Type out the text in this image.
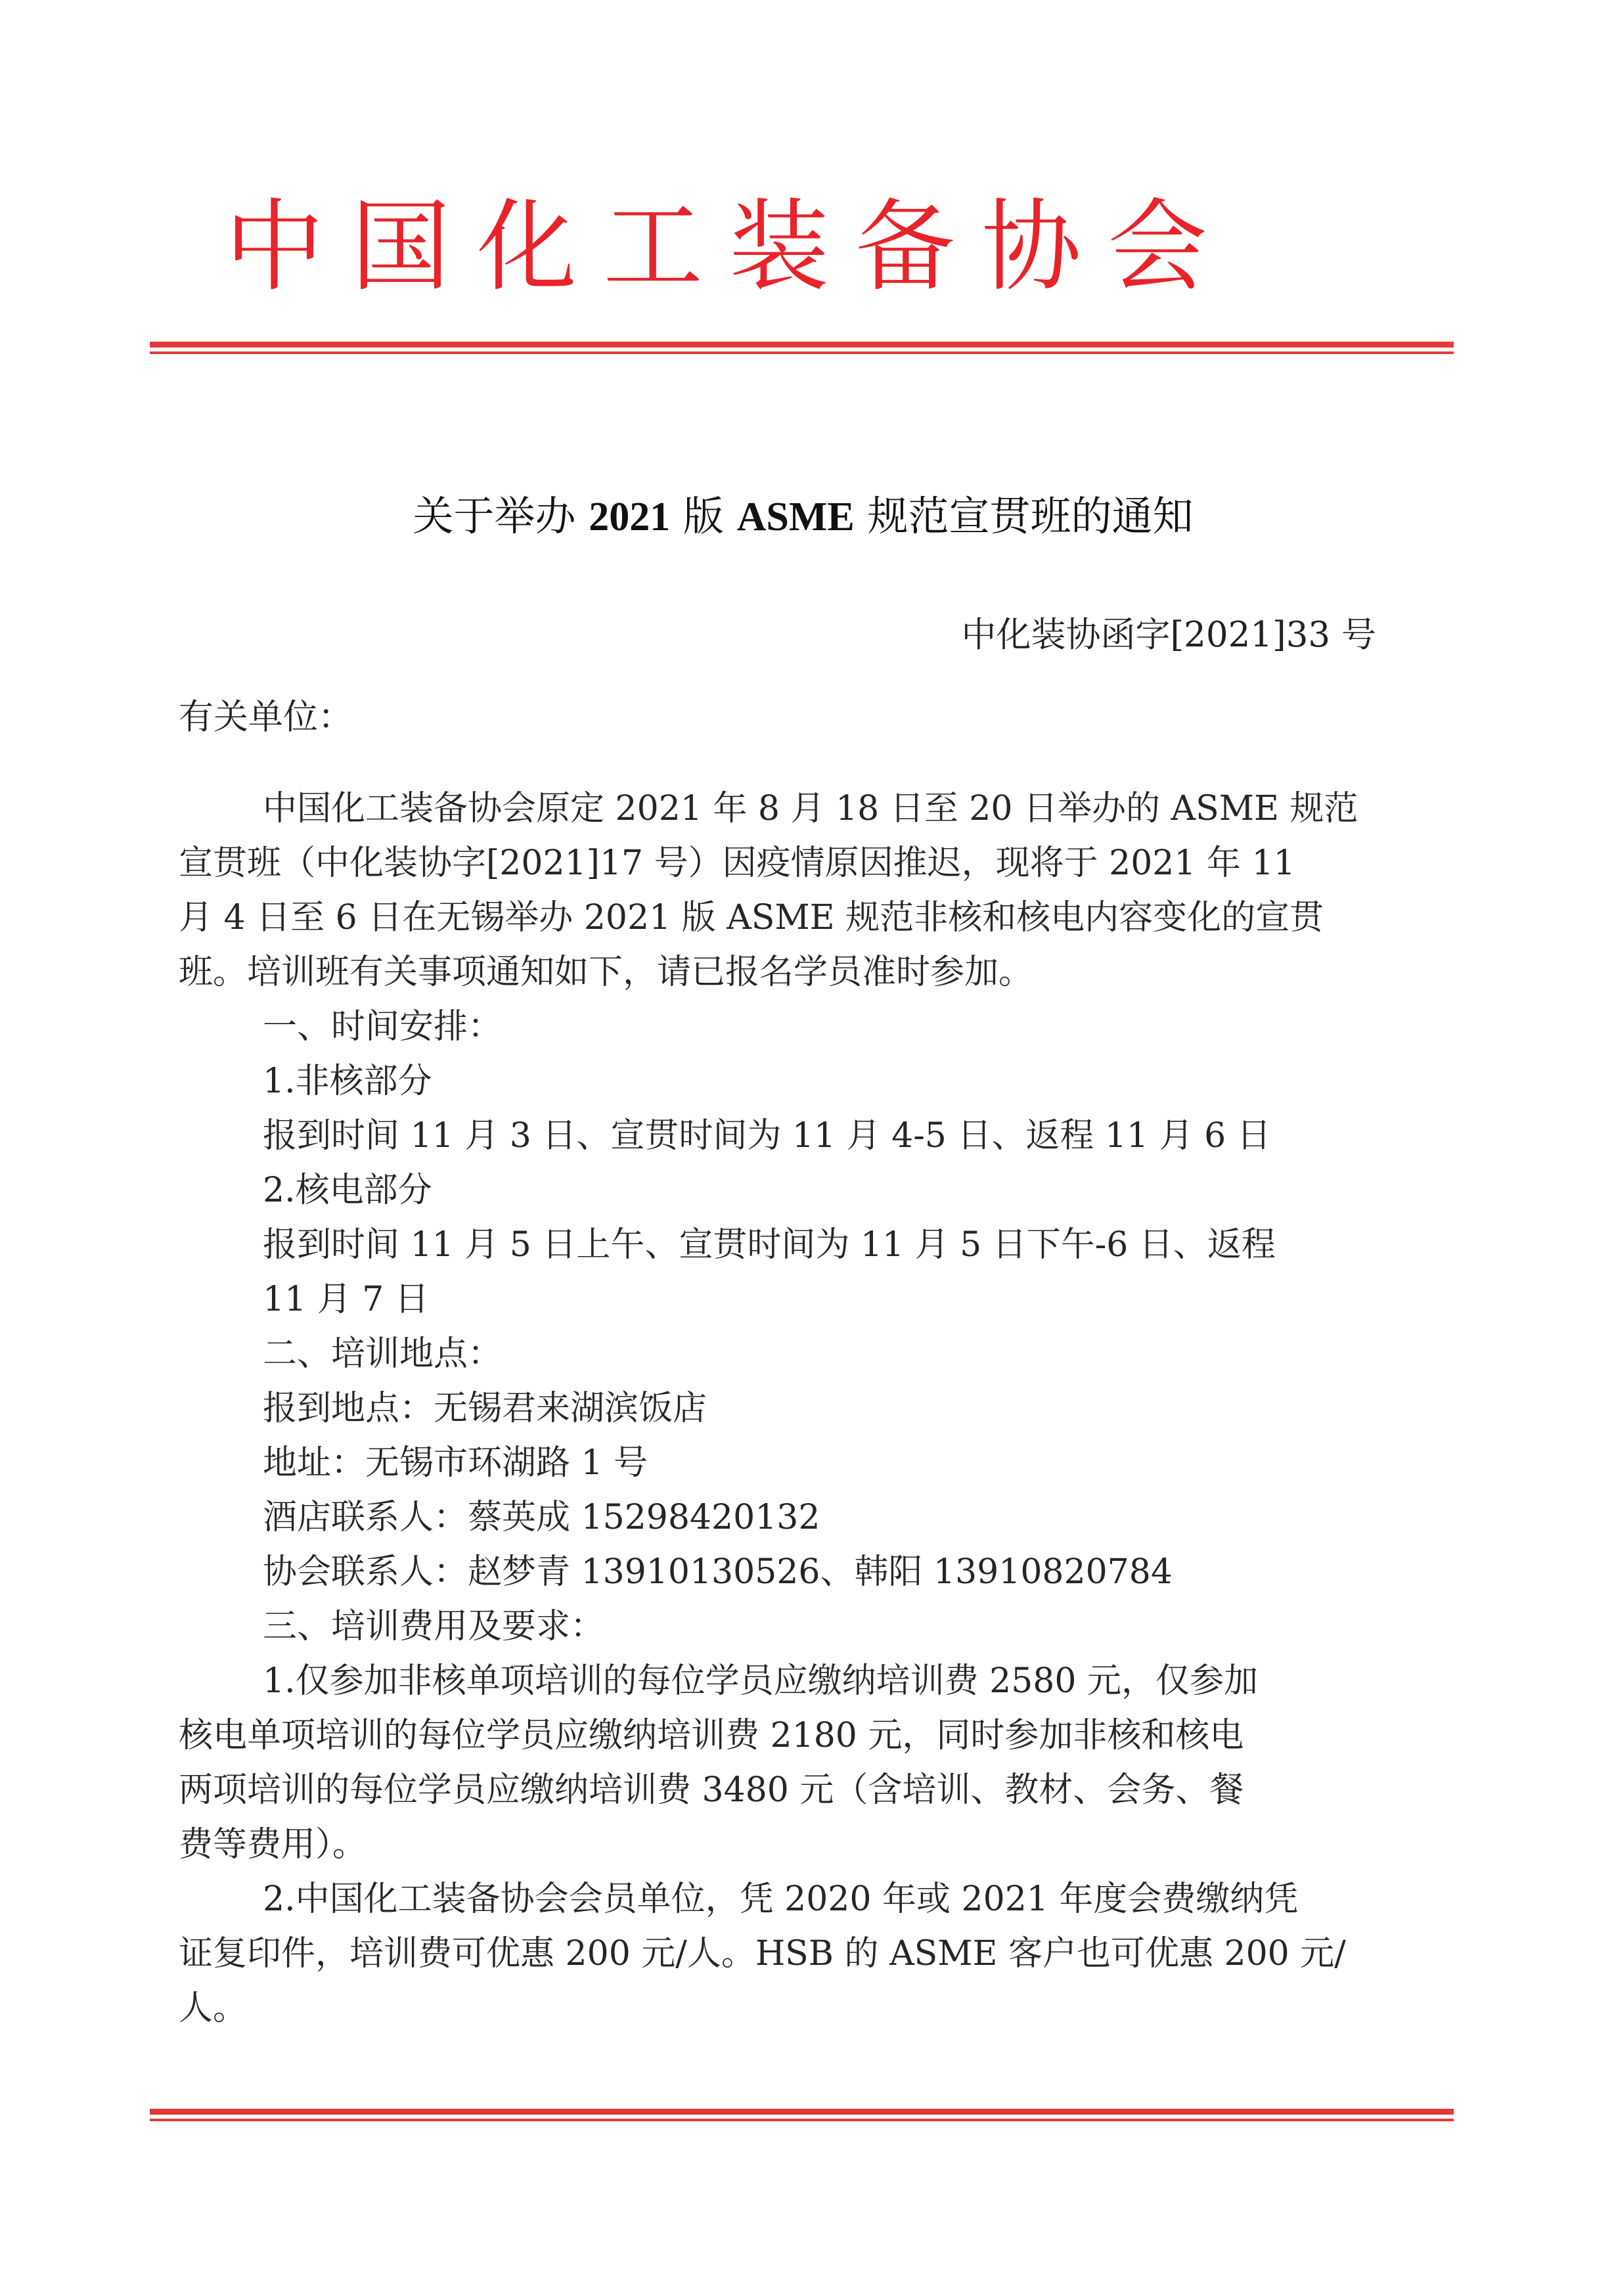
中国化工装备协会
关于举办 2021 版 ASME 规范宣贯班的通知
中化装协函字[2021]33 号
有关单位：
中国化工装备协会原定 2021 年 8 月 18 日至 20 日举办的 ASME 规范
宣贯班（中化装协字[2021]17 号）因疫情原因推迟，现将于 2021 年 11
月 4 日至 6 日在无锡举办 2021 版 ASME 规范非核和核电内容变化的宣贯
班。培训班有关事项通知如下，请已报名学员准时参加。
一、时间安排：
1.非核部分
报到时间 11 月 3 日、宣贯时间为 11 月 4-5 日、返程 11 月 6 日
2.核电部分
报到时间 11 月 5 日上午、宣贯时间为 11 月 5 日下午-6 日、返程
11 月 7 日
二、培训地点：
报到地点：无锡君来湖滨饭店
地址：无锡市环湖路 1 号
酒店联系人：蔡英成 15298420132
协会联系人：赵梦青 13910130526、韩阳 13910820784
三、培训费用及要求：
1.仅参加非核单项培训的每位学员应缴纳培训费 2580 元，仅参加
核电单项培训的每位学员应缴纳培训费 2180 元，同时参加非核和核电
两项培训的每位学员应缴纳培训费 3480 元（含培训、教材、会务、餐
费等费用）。
2.中国化工装备协会会员单位，凭 2020 年或 2021 年度会费缴纳凭
证复印件，培训费可优惠 200 元/人。HSB 的 ASME 客户也可优惠 200 元/
人。
